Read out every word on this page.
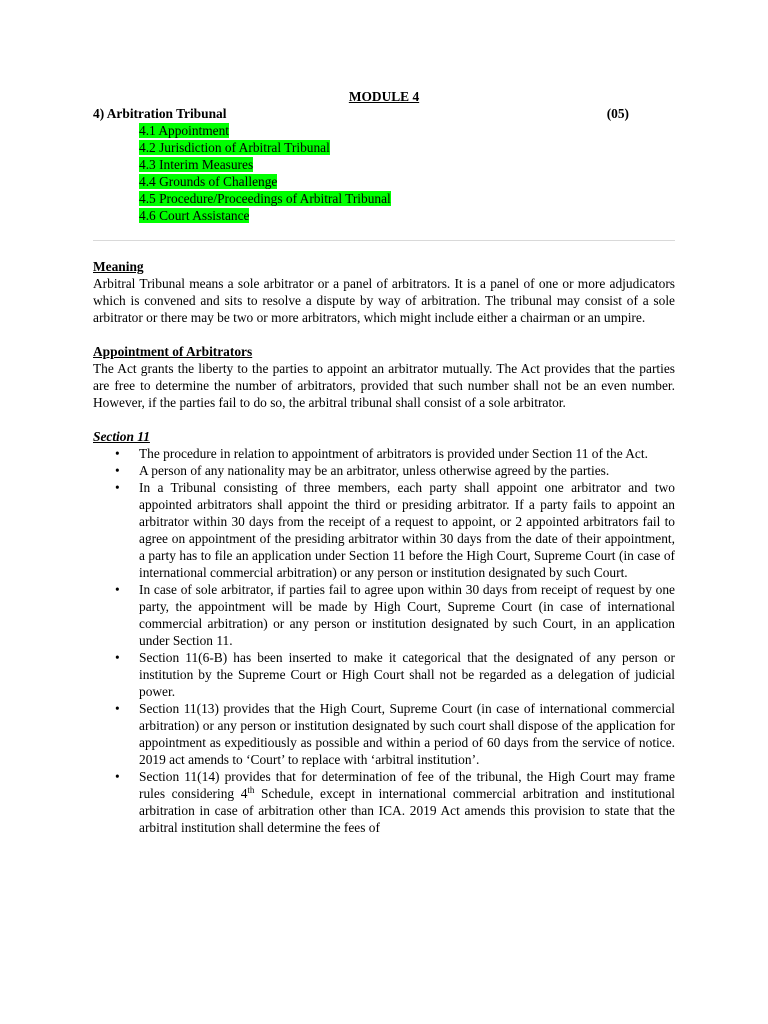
MODULE 4
4) Arbitration Tribunal	(05)
4.1 Appointment
4.2 Jurisdiction of Arbitral Tribunal
4.3 Interim Measures
4.4 Grounds of Challenge
4.5 Procedure/Proceedings of Arbitral Tribunal
4.6 Court Assistance
Meaning
Arbitral Tribunal means a sole arbitrator or a panel of arbitrators. It is a panel of one or more adjudicators which is convened and sits to resolve a dispute by way of arbitration. The tribunal may consist of a sole arbitrator or there may be two or more arbitrators, which might include either a chairman or an umpire.
Appointment of Arbitrators
The Act grants the liberty to the parties to appoint an arbitrator mutually. The Act provides that the parties are free to determine the number of arbitrators, provided that such number shall not be an even number. However, if the parties fail to do so, the arbitral tribunal shall consist of a sole arbitrator.
Section 11
• The procedure in relation to appointment of arbitrators is provided under Section 11 of the Act.
• A person of any nationality may be an arbitrator, unless otherwise agreed by the parties.
• In a Tribunal consisting of three members, each party shall appoint one arbitrator and two appointed arbitrators shall appoint the third or presiding arbitrator. If a party fails to appoint an arbitrator within 30 days from the receipt of a request to appoint, or 2 appointed arbitrators fail to agree on appointment of the presiding arbitrator within 30 days from the date of their appointment, a party has to file an application under Section 11 before the High Court, Supreme Court (in case of international commercial arbitration) or any person or institution designated by such Court.
• In case of sole arbitrator, if parties fail to agree upon within 30 days from receipt of request by one party, the appointment will be made by High Court, Supreme Court (in case of international commercial arbitration) or any person or institution designated by such Court, in an application under Section 11.
• Section 11(6-B) has been inserted to make it categorical that the designated of any person or institution by the Supreme Court or High Court shall not be regarded as a delegation of judicial power.
• Section 11(13) provides that the High Court, Supreme Court (in case of international commercial arbitration) or any person or institution designated by such court shall dispose of the application for appointment as expeditiously as possible and within a period of 60 days from the service of notice. 2019 act amends to ‘Court’ to replace with ‘arbitral institution’.
• Section 11(14) provides that for determination of fee of the tribunal, the High Court may frame rules considering 4th Schedule, except in international commercial arbitration and institutional arbitration in case of arbitration other than ICA. 2019 Act amends this provision to state that the arbitral institution shall determine the fees of
